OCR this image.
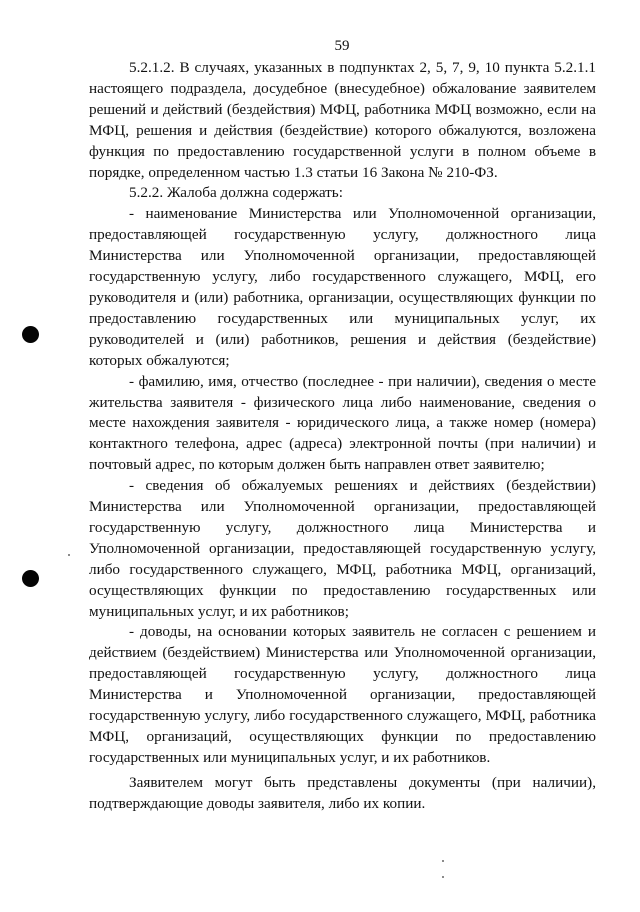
59

5.2.1.2. В случаях, указанных в подпунктах 2, 5, 7, 9, 10 пункта 5.2.1.1 настоящего подраздела, досудебное (внесудебное) обжалование заявителем решений и действий (бездействия) МФЦ, работника МФЦ возможно, если на МФЦ, решения и действия (бездействие) которого обжалуются, возложена функция по предоставлению государственной услуги в полном объеме в порядке, определенном частью 1.3 статьи 16 Закона № 210-ФЗ.

5.2.2. Жалоба должна содержать:

- наименование Министерства или Уполномоченной организации, предоставляющей государственную услугу, должностного лица Министерства или Уполномоченной организации, предоставляющей государственную услугу, либо государственного служащего, МФЦ, его руководителя и (или) работника, организации, осуществляющих функции по предоставлению государственных или муниципальных услуг, их руководителей и (или) работников, решения и действия (бездействие) которых обжалуются;

- фамилию, имя, отчество (последнее - при наличии), сведения о месте жительства заявителя - физического лица либо наименование, сведения о месте нахождения заявителя - юридического лица, а также номер (номера) контактного телефона, адрес (адреса) электронной почты (при наличии) и почтовый адрес, по которым должен быть направлен ответ заявителю;

- сведения об обжалуемых решениях и действиях (бездействии) Министерства или Уполномоченной организации, предоставляющей государственную услугу, должностного лица Министерства и Уполномоченной организации, предоставляющей государственную услугу, либо государственного служащего, МФЦ, работника МФЦ, организаций, осуществляющих функции по предоставлению государственных или муниципальных услуг, и их работников;

- доводы, на основании которых заявитель не согласен с решением и действием (бездействием) Министерства или Уполномоченной организации, предоставляющей государственную услугу, должностного лица Министерства и Уполномоченной организации, предоставляющей государственную услугу, либо государственного служащего, МФЦ, работника МФЦ, организаций, осуществляющих функции по предоставлению государственных или муниципальных услуг, и их работников.

Заявителем могут быть представлены документы (при наличии), подтверждающие доводы заявителя, либо их копии.
